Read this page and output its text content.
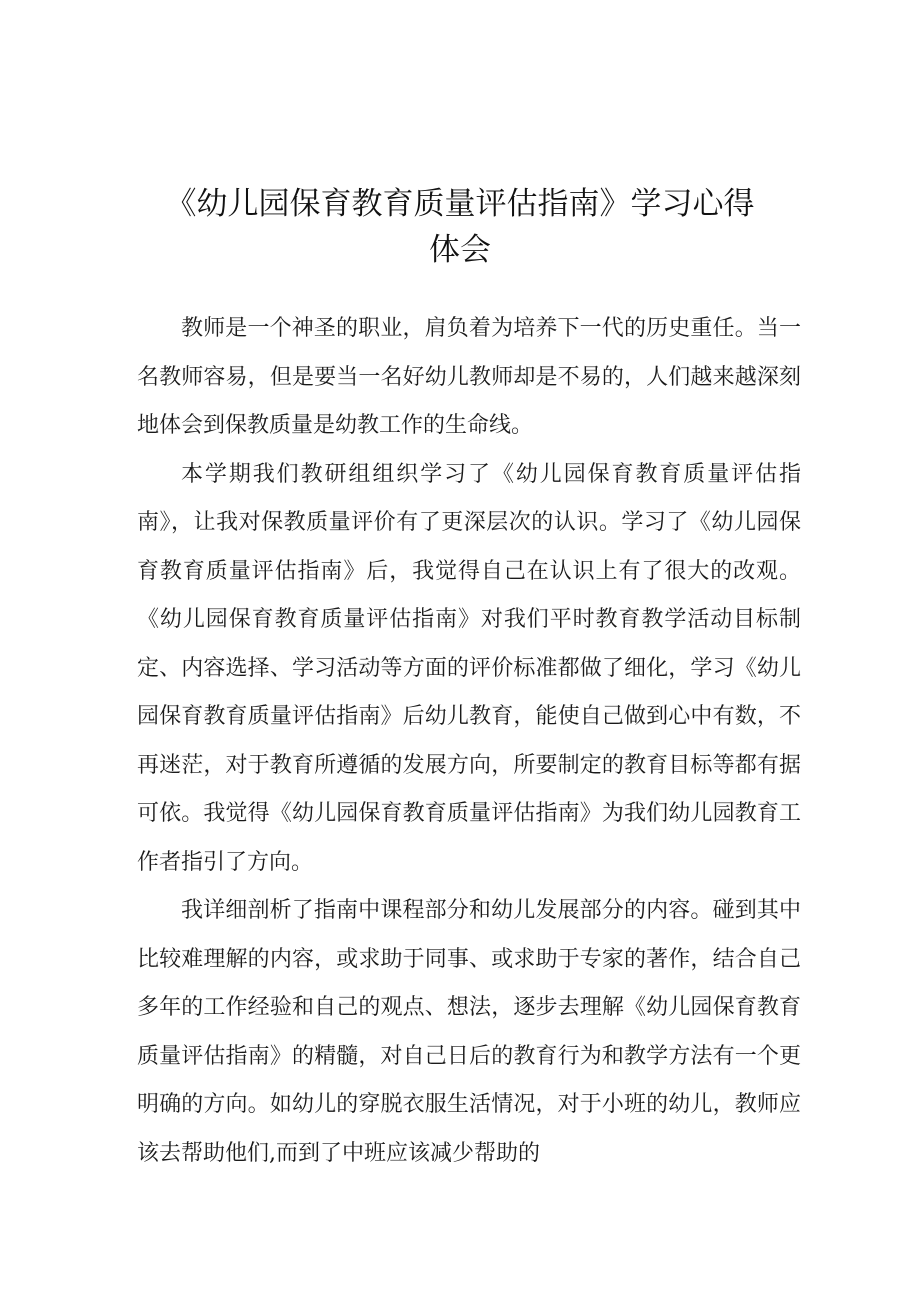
《幼儿园保育教育质量评估指南》学习心得
体会

教师是一个神圣的职业，肩负着为培养下一代的历史重任。当一名教师容易，但是要当一名好幼儿教师却是不易的，人们越来越深刻地体会到保教质量是幼教工作的生命线。

本学期我们教研组组织学习了《幼儿园保育教育质量评估指南》，让我对保教质量评价有了更深层次的认识。学习了《幼儿园保育教育质量评估指南》后，我觉得自己在认识上有了很大的改观。《幼儿园保育教育质量评估指南》对我们平时教育教学活动目标制定、内容选择、学习活动等方面的评价标准都做了细化，学习《幼儿园保育教育质量评估指南》后幼儿教育，能使自己做到心中有数，不再迷茫，对于教育所遵循的发展方向，所要制定的教育目标等都有据可依。我觉得《幼儿园保育教育质量评估指南》为我们幼儿园教育工作者指引了方向。

我详细剖析了指南中课程部分和幼儿发展部分的内容。碰到其中比较难理解的内容，或求助于同事、或求助于专家的著作，结合自己多年的工作经验和自己的观点、想法，逐步去理解《幼儿园保育教育质量评估指南》的精髓，对自己日后的教育行为和教学方法有一个更明确的方向。如幼儿的穿脱衣服生活情况，对于小班的幼儿，教师应该去帮助他们,而到了中班应该减少帮助的
